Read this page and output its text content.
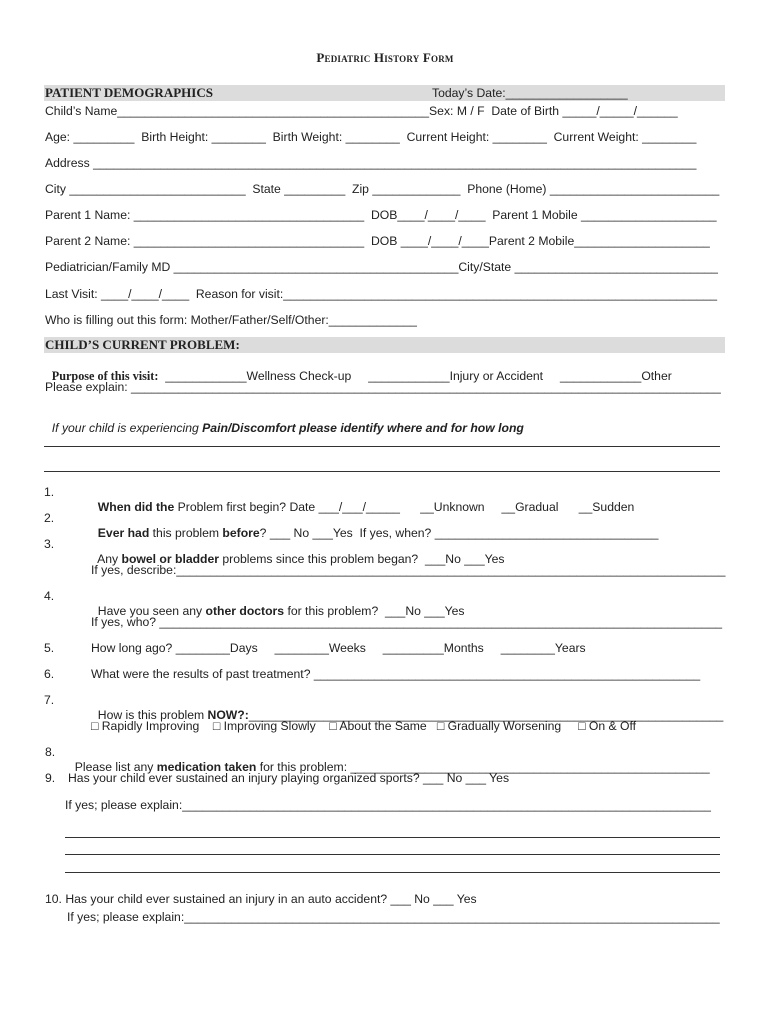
Pediatric History Form
PATIENT DEMOGRAPHICS	Today’s Date:__________________
Child’s Name______________________________________________Sex: M / F  Date of Birth _____/_____/______
Age: _________  Birth Height: ________  Birth Weight: ________  Current Height: ________  Current Weight: ________
Address _________________________________________________________________________________________
City __________________________  State _________  Zip _____________  Phone (Home) _________________________
Parent 1 Name: __________________________________  DOB____/____/____  Parent 1 Mobile ____________________
Parent 2 Name: __________________________________  DOB ____/____/____Parent 2 Mobile____________________
Pediatrician/Family MD __________________________________________City/State ______________________________
Last Visit: ____/____/____  Reason for visit:________________________________________________________________
Who is filling out this form: Mother/Father/Self/Other:_____________
CHILD’S CURRENT PROBLEM:

Purpose of this visit:  ____________Wellness Check-up     ____________Injury or Accident     ____________Other

Please explain: _______________________________________________________________________________________

If your child is experiencing Pain/Discomfort please identify where and for how long

1.

When did the Problem first begin? Date ___/___/_____      __Unknown     __Gradual      __Sudden

2.

Ever had this problem before? ___ No ___Yes  If yes, when? _________________________________

3.

Any bowel or bladder problems since this problem began?  ___No ___Yes

If yes, describe:_________________________________________________________________________________
4.

Have you seen any other doctors for this problem?  ___No ___Yes

If yes, who? ___________________________________________________________________________________
5.	How long ago? ________Days     ________Weeks     _________Months     ________Years
6.	What were the results of past treatment? _________________________________________________________
7.

How is this problem NOW?:______________________________________________________________________

□ Rapidly Improving    □ Improving Slowly    □ About the Same   □ Gradually Worsening     □ On & Off
8.

Please list any medication taken for this problem: _____________________________________________________

9. Has your child ever sustained an injury playing organized sports? ___ No ___ Yes
If yes; please explain:______________________________________________________________________________
10. Has your child ever sustained an injury in an auto accident? ___ No ___ Yes
If yes; please explain:_______________________________________________________________________________
